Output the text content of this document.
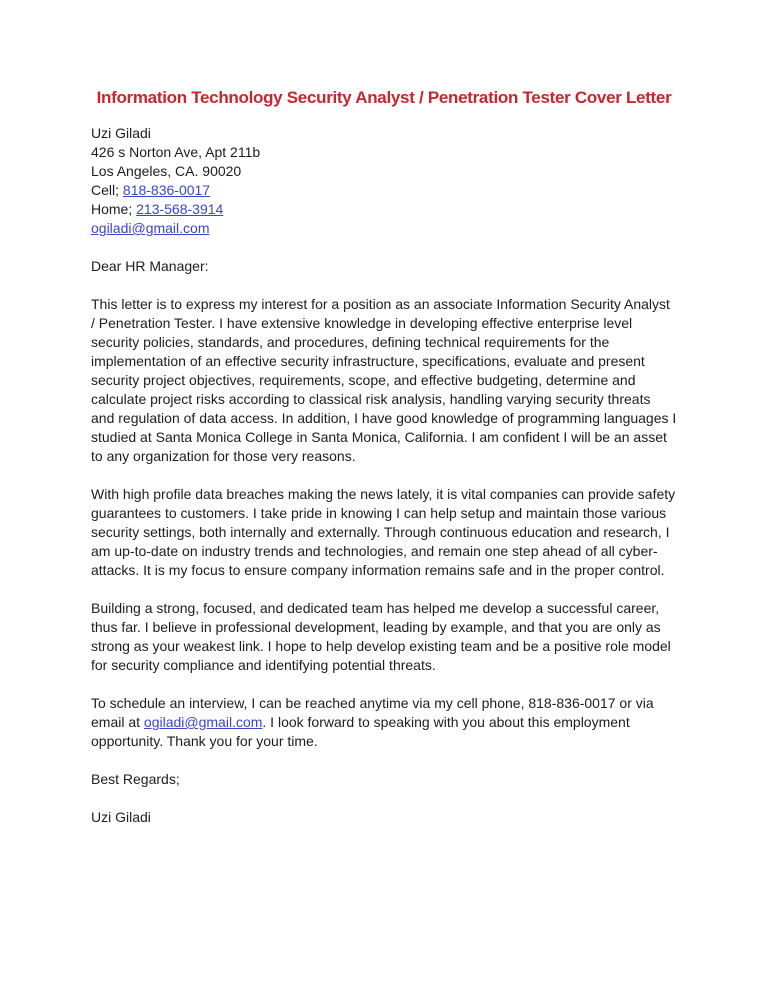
Information Technology Security Analyst / Penetration Tester Cover Letter
Uzi Giladi
426 s Norton Ave, Apt 211b
Los Angeles, CA. 90020
Cell; 818-836-0017
Home; 213-568-3914
ogiladi@gmail.com
Dear HR Manager:

This letter is to express my interest for a position as an associate Information Security Analyst / Penetration Tester. I have extensive knowledge in developing effective enterprise level security policies, standards, and procedures, defining technical requirements for the implementation of an effective security infrastructure, specifications, evaluate and present security project objectives, requirements, scope, and effective budgeting, determine and calculate project risks according to classical risk analysis, handling varying security threats and regulation of data access. In addition, I have good knowledge of programming languages I studied at Santa Monica College in Santa Monica, California. I am confident I will be an asset to any organization for those very reasons.

With high profile data breaches making the news lately, it is vital companies can provide safety guarantees to customers. I take pride in knowing I can help setup and maintain those various security settings, both internally and externally. Through continuous education and research, I am up-to-date on industry trends and technologies, and remain one step ahead of all cyber-attacks. It is my focus to ensure company information remains safe and in the proper control.

Building a strong, focused, and dedicated team has helped me develop a successful career, thus far. I believe in professional development, leading by example, and that you are only as strong as your weakest link. I hope to help develop existing team and be a positive role model for security compliance and identifying potential threats.

To schedule an interview, I can be reached anytime via my cell phone, 818-836-0017 or via email at ogiladi@gmail.com. I look forward to speaking with you about this employment opportunity. Thank you for your time.

Best Regards;
Uzi Giladi
